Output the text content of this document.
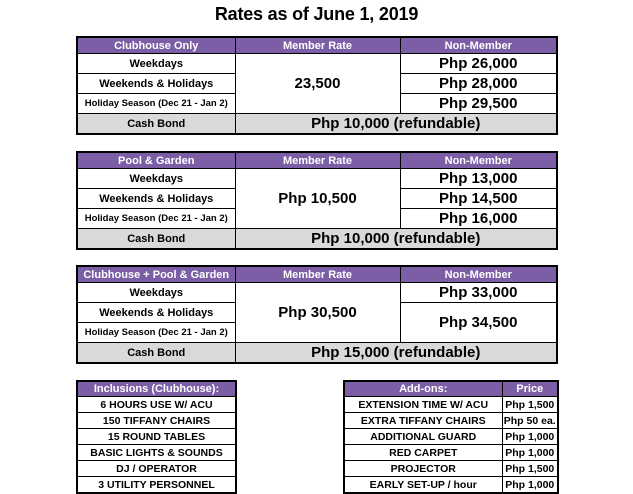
Rates as of June 1, 2019
Clubhouse Only	Member Rate	Non-Member
Weekdays	23,500	Php 26,000
Weekends & Holidays		Php 28,000
Holiday Season (Dec 21 - Jan 2)		Php 29,500
Cash Bond	Php 10,000 (refundable)	
Pool & Garden	Member Rate	Non-Member
Weekdays	Php 10,500	Php 13,000
Weekends & Holidays		Php 14,500
Holiday Season (Dec 21 - Jan 2)		Php 16,000
Cash Bond	Php 10,000 (refundable)	
Clubhouse + Pool & Garden	Member Rate	Non-Member
Weekdays	Php 30,500	Php 33,000
Weekends & Holidays		Php 34,500
Holiday Season (Dec 21 - Jan 2)		
Cash Bond	Php 15,000 (refundable)	
Inclusions (Clubhouse):
6 HOURS USE W/ ACU
150 TIFFANY CHAIRS
15 ROUND TABLES
BASIC LIGHTS & SOUNDS
DJ / OPERATOR
3 UTILITY PERSONNEL
Add-ons:	Price
EXTENSION TIME W/ ACU	Php 1,500
EXTRA TIFFANY CHAIRS	Php 50 ea.
ADDITIONAL GUARD	Php 1,000
RED CARPET	Php 1,000
PROJECTOR	Php 1,500
EARLY SET-UP / hour	Php 1,000
